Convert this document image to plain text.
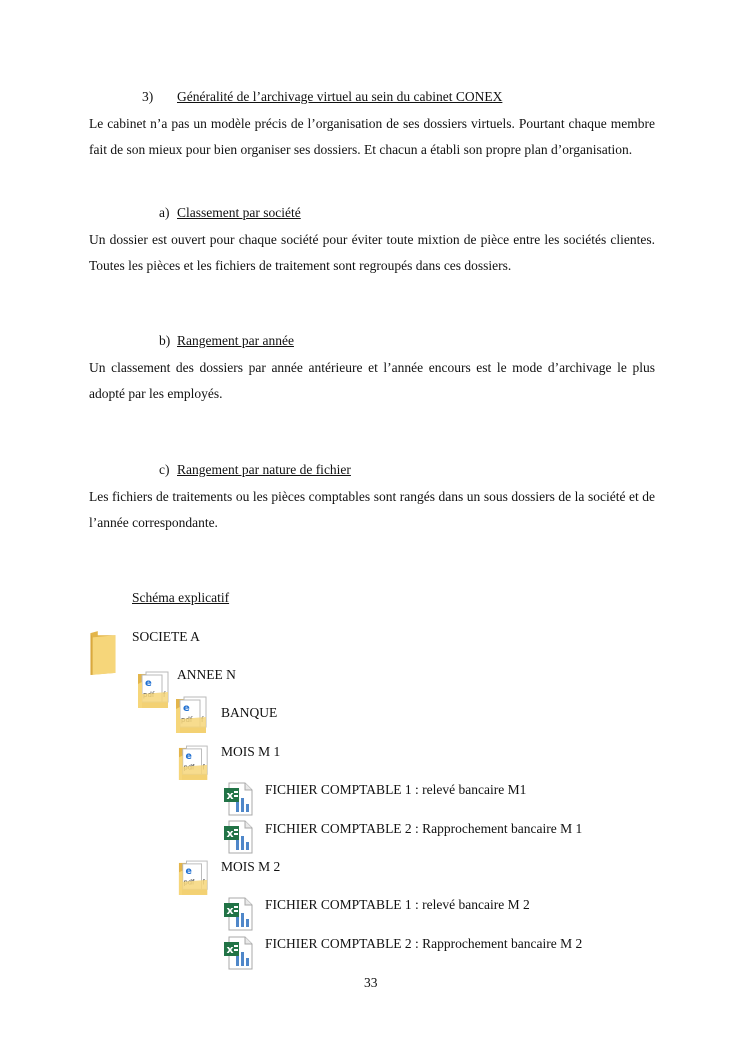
3) Généralité de l’archivage virtuel au sein du cabinet CONEX
Le cabinet n’a pas un modèle précis de l’organisation de ses dossiers virtuels. Pourtant chaque membre fait de son mieux pour bien organiser ses dossiers. Et chacun a établi son propre plan d’organisation.
a) Classement par société
Un dossier est ouvert pour chaque société pour éviter toute mixtion de pièce entre les sociétés clientes. Toutes les pièces et les fichiers de traitement sont regroupés dans ces dossiers.
b) Rangement par année
Un classement des dossiers par année antérieure et l’année encours est le mode d’archivage le plus adopté par les employés.
c) Rangement par nature de fichier
Les fichiers de traitements ou les pièces comptables sont rangés dans un sous dossiers de la société et de l’année correspondante.
Schéma explicatif
SOCIETE A
ANNEE N
BANQUE
MOIS M 1
FICHIER COMPTABLE 1 : relevé bancaire M1
FICHIER COMPTABLE 2 : Rapprochement bancaire M 1
MOIS M 2
FICHIER COMPTABLE 1 : relevé bancaire M 2
FICHIER COMPTABLE 2 : Rapprochement bancaire M 2
33
